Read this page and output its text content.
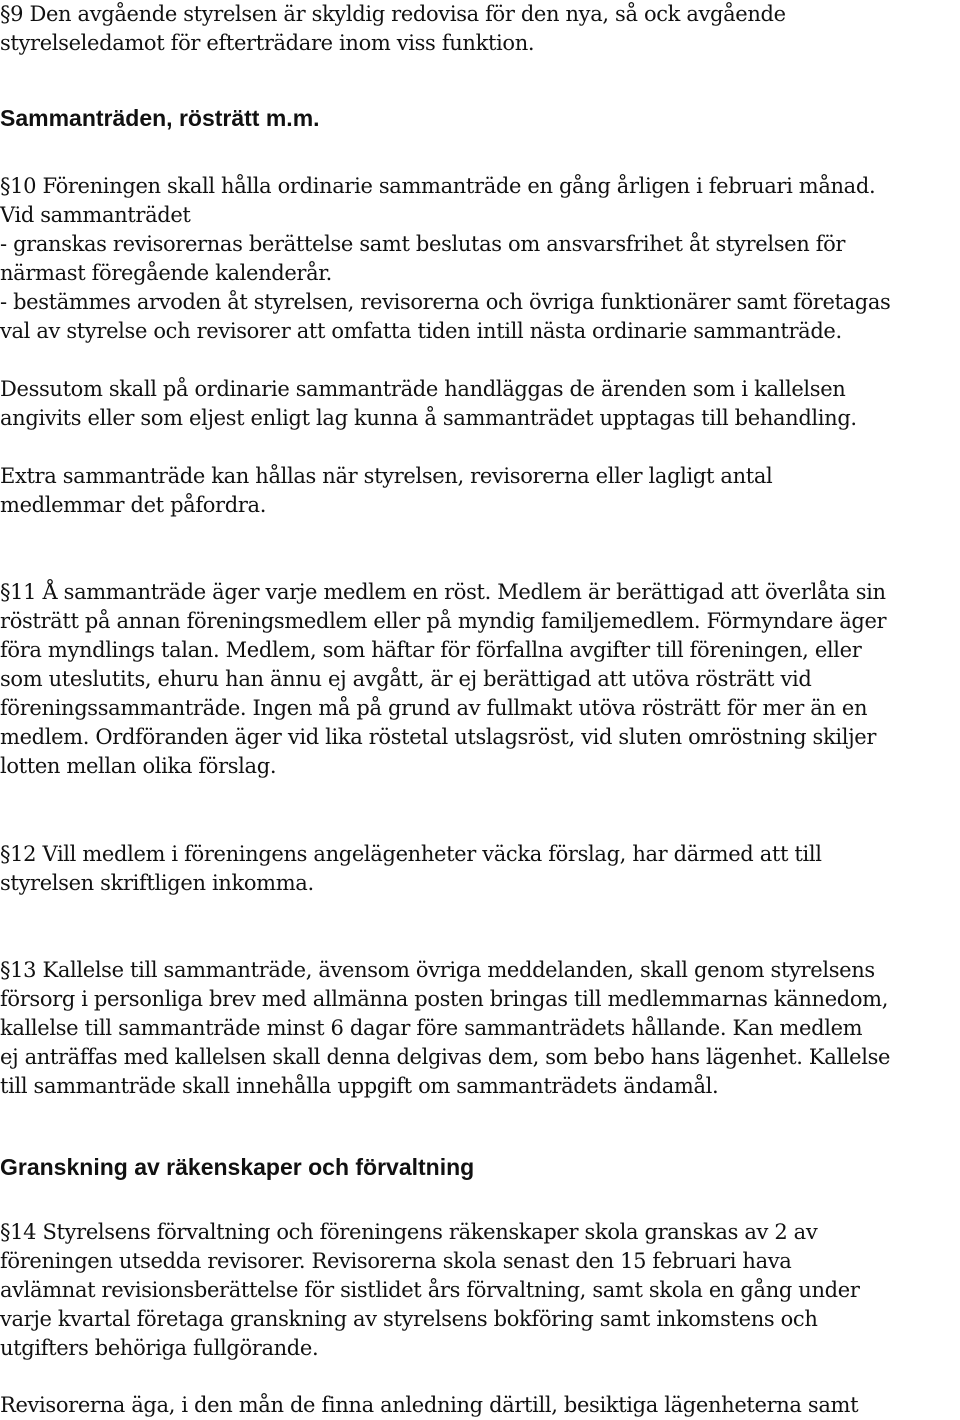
§9 Den avgående styrelsen är skyldig redovisa för den nya, så ock avgående
styrelseledamot för efterträdare inom viss funktion.
Sammanträden, rösträtt m.m.
§10 Föreningen skall hålla ordinarie sammanträde en gång årligen i februari månad.
Vid sammanträdet
- granskas revisorernas berättelse samt beslutas om ansvarsfrihet åt styrelsen för
närmast föregående kalenderår.
- bestämmes arvoden åt styrelsen, revisorerna och övriga funktionärer samt företagas
val av styrelse och revisorer att omfatta tiden intill nästa ordinarie sammanträde.
Dessutom skall på ordinarie sammanträde handläggas de ärenden som i kallelsen
angivits eller som eljest enligt lag kunna å sammanträdet upptagas till behandling.
Extra sammanträde kan hållas när styrelsen, revisorerna eller lagligt antal
medlemmar det påfordra.
§11 Å sammanträde äger varje medlem en röst. Medlem är berättigad att överlåta sin
rösträtt på annan föreningsmedlem eller på myndig familjemedlem. Förmyndare äger
föra myndlings talan. Medlem, som häftar för förfallna avgifter till föreningen, eller
som uteslutits, ehuru han ännu ej avgått, är ej berättigad att utöva rösträtt vid
föreningssammanträde. Ingen må på grund av fullmakt utöva rösträtt för mer än en
medlem. Ordföranden äger vid lika röstetal utslagsröst, vid sluten omröstning skiljer
lotten mellan olika förslag.
§12 Vill medlem i föreningens angelägenheter väcka förslag, har därmed att till
styrelsen skriftligen inkomma.
§13 Kallelse till sammanträde, ävensom övriga meddelanden, skall genom styrelsens
försorg i personliga brev med allmänna posten bringas till medlemmarnas kännedom,
kallelse till sammanträde minst 6 dagar före sammanträdets hållande. Kan medlem
ej anträffas med kallelsen skall denna delgivas dem, som bebo hans lägenhet. Kallelse
till sammanträde skall innehålla uppgift om sammanträdets ändamål.
Granskning av räkenskaper och förvaltning
§14 Styrelsens förvaltning och föreningens räkenskaper skola granskas av 2 av
föreningen utsedda revisorer. Revisorerna skola senast den 15 februari hava
avlämnat revisionsberättelse för sistlidet års förvaltning, samt skola en gång under
varje kvartal företaga granskning av styrelsens bokföring samt inkomstens och
utgifters behöriga fullgörande.
Revisorerna äga, i den mån de finna anledning därtill, besiktiga lägenheterna samt
